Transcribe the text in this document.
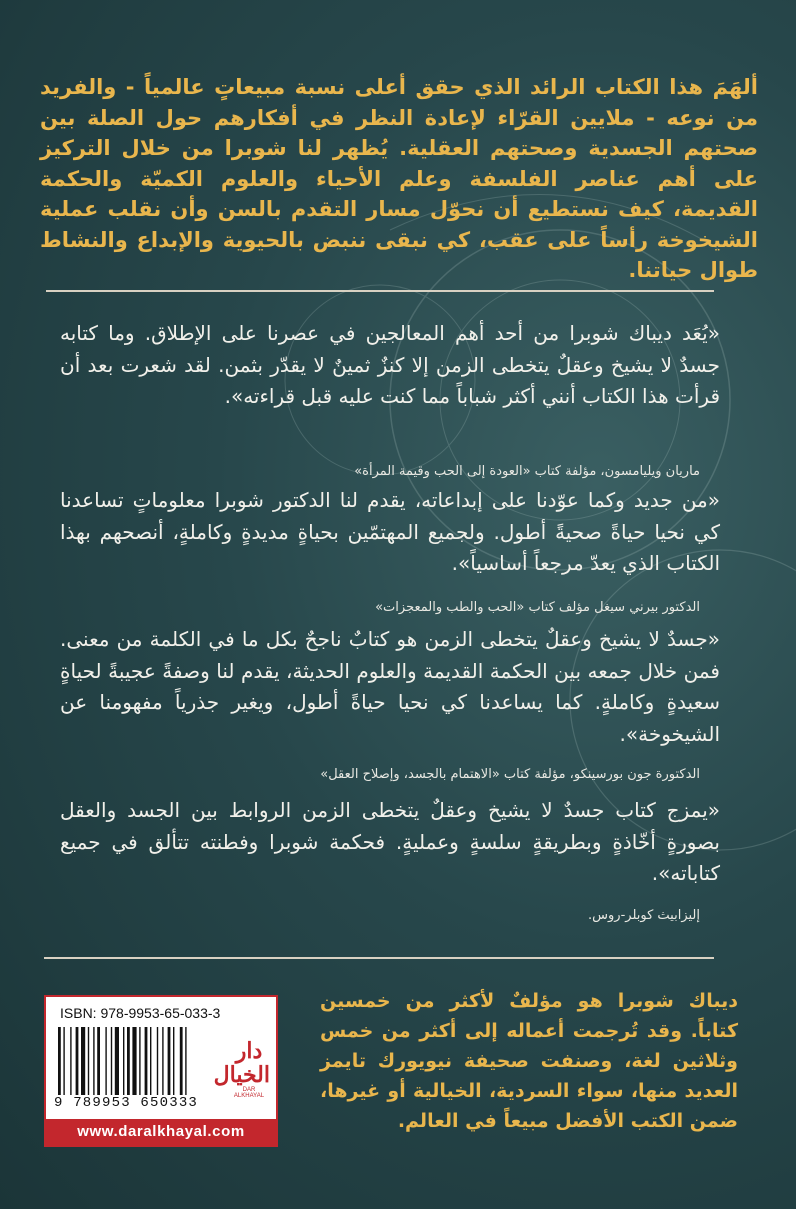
ألهَمَ هذا الكتاب الرائد الذي حقق أعلى نسبة مبيعاتٍ عالمياً - والفريد من نوعه - ملايين القرّاء لإعادة النظر في أفكارهم حول الصلة بين صحتهم الجسدية وصحتهم العقلية. يُظهر لنا شوبرا من خلال التركيز على أهم عناصر الفلسفة وعلم الأحياء والعلوم الكميّة والحكمة القديمة، كيف نستطيع أن نحوّل مسار التقدم بالسن وأن نقلب عملية الشيخوخة رأساً على عقب، كي نبقى ننبض بالحيوية والإبداع والنشاط طوال حياتنا.
«يُعَد ديباك شوبرا من أحد أهم المعالجين في عصرنا على الإطلاق. وما كتابه جسدٌ لا يشيخ وعقلٌ يتخطى الزمن إلا كنزٌ ثمينٌ لا يقدّر بثمن. لقد شعرت بعد أن قرأت هذا الكتاب أنني أكثر شباباً مما كنت عليه قبل قراءته».
ماريان ويليامسون، مؤلفة كتاب «العودة إلى الحب وقيمة المرأة»
«من جديد وكما عوّدنا على إبداعاته، يقدم لنا الدكتور شوبرا معلوماتٍ تساعدنا كي نحيا حياةً صحيةً أطول. ولجميع المهتمّين بحياةٍ مديدةٍ وكاملةٍ، أنصحهم بهذا الكتاب الذي يعدّ مرجعاً أساسياً».
الدكتور بيرني سيغل مؤلف كتاب «الحب والطب والمعجزات»
«جسدٌ لا يشيخ وعقلٌ يتخطى الزمن هو كتابٌ ناجحٌ بكل ما في الكلمة من معنى. فمن خلال جمعه بين الحكمة القديمة والعلوم الحديثة، يقدم لنا وصفةً عجيبةً لحياةٍ سعيدةٍ وكاملةٍ. كما يساعدنا كي نحيا حياةً أطول، ويغير جذرياً مفهومنا عن الشيخوخة».
الدكتورة جون بورسينكو، مؤلفة كتاب «الاهتمام بالجسد، وإصلاح العقل»
«يمزج كتاب جسدٌ لا يشيخ وعقلٌ يتخطى الزمن الروابط بين الجسد والعقل بصورةٍ أخّاذةٍ وبطريقةٍ سلسةٍ وعمليةٍ. فحكمة شوبرا وفطنته تتألق في جميع كتاباته».
إليزابيث كوبلر-روس.
ديباك شوبرا هو مؤلفٌ لأكثر من خمسين كتاباً. وقد تُرجمت أعماله إلى أكثر من خمس وثلاثين لغة، وصنفت صحيفة نيويورك تايمز العديد منها، سواء السردية، الخيالية أو غيرها، ضمن الكتب الأفضل مبيعاً في العالم.
ISBN: 978-9953-65-033-3
9 789953 650333
دار الخيال
DAR ALKHAYAL
www.daralkhayal.com
